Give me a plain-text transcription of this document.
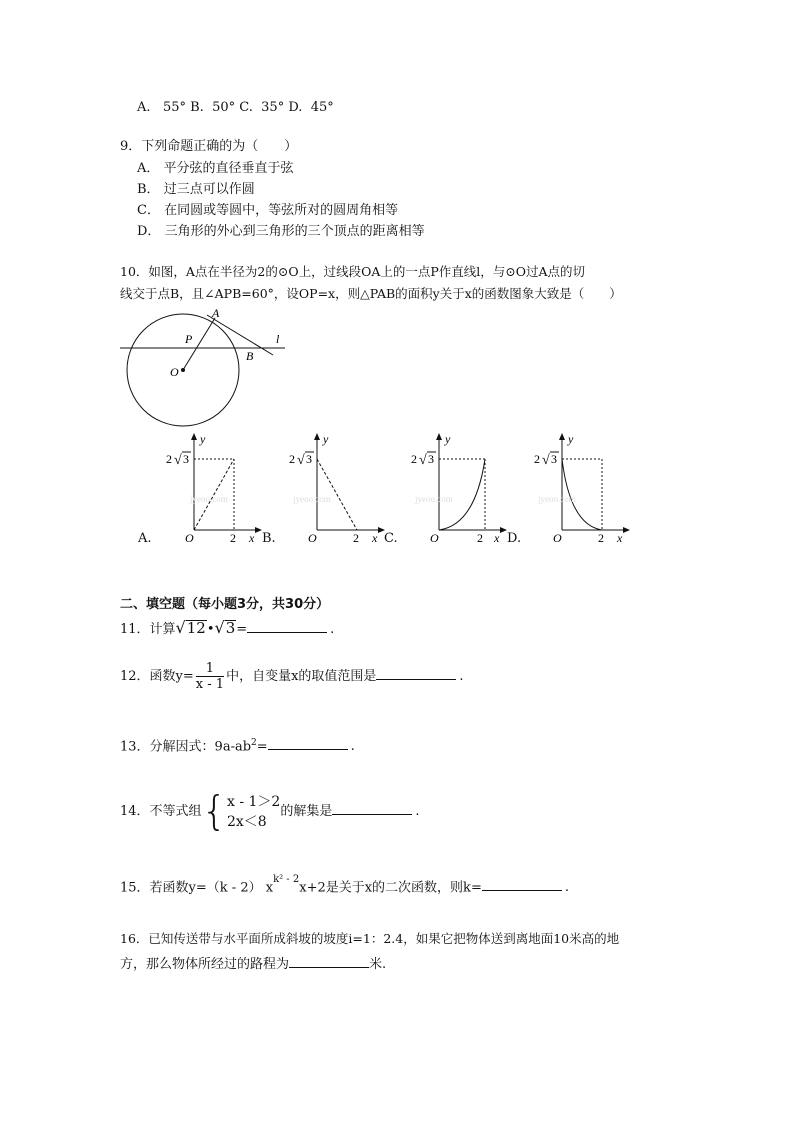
A. 55° B. 50° C. 35° D. 45°
9．下列命题正确的为（　　）
A． 平分弦的直径垂直于弦
B． 过三点可以作圆
C． 在同圆或等圆中，等弦所对的圆周角相等
D． 三角形的外心到三角形的三个顶点的距离相等
10．如图，A点在半径为2的⊙O上，过线段OA上的一点P作直线l，与⊙O过A点的切
线交于点B，且∠APB=60°，设OP=x，则△PAB的面积y关于x的函数图象大致是（　　）
A
P
B
l
O
y
2 √ 3
jyeoo.com
O	2 x
A.
y
2 √ 3
jyeoo.com
O	2 x
B.
y
2 √ 3
jyeoo.com
O	2 x
C.
y
2 √ 3
jyeoo.com
O	2 x
D.
二、填空题（每小题3分，共30分）
11．计算√12•√3=	.
12．函数$y= \frac{1}{x - 1}$ 中，自变量x的取值范围是	.
13．分解因式：$9a-ab^2=$	.
14．不等式组{ x - 1＞2
2x＜8
的解集是	.
15．若函数y=（k - 2） $x^{k^2 - 2}x+2$是关于x的二次函数，则k=	.
16．已知传送带与水平面所成斜坡的坡度i=1：2.4，如果它把物体送到离地面10米高的地
方，那么物体所经过的路程为	米.
